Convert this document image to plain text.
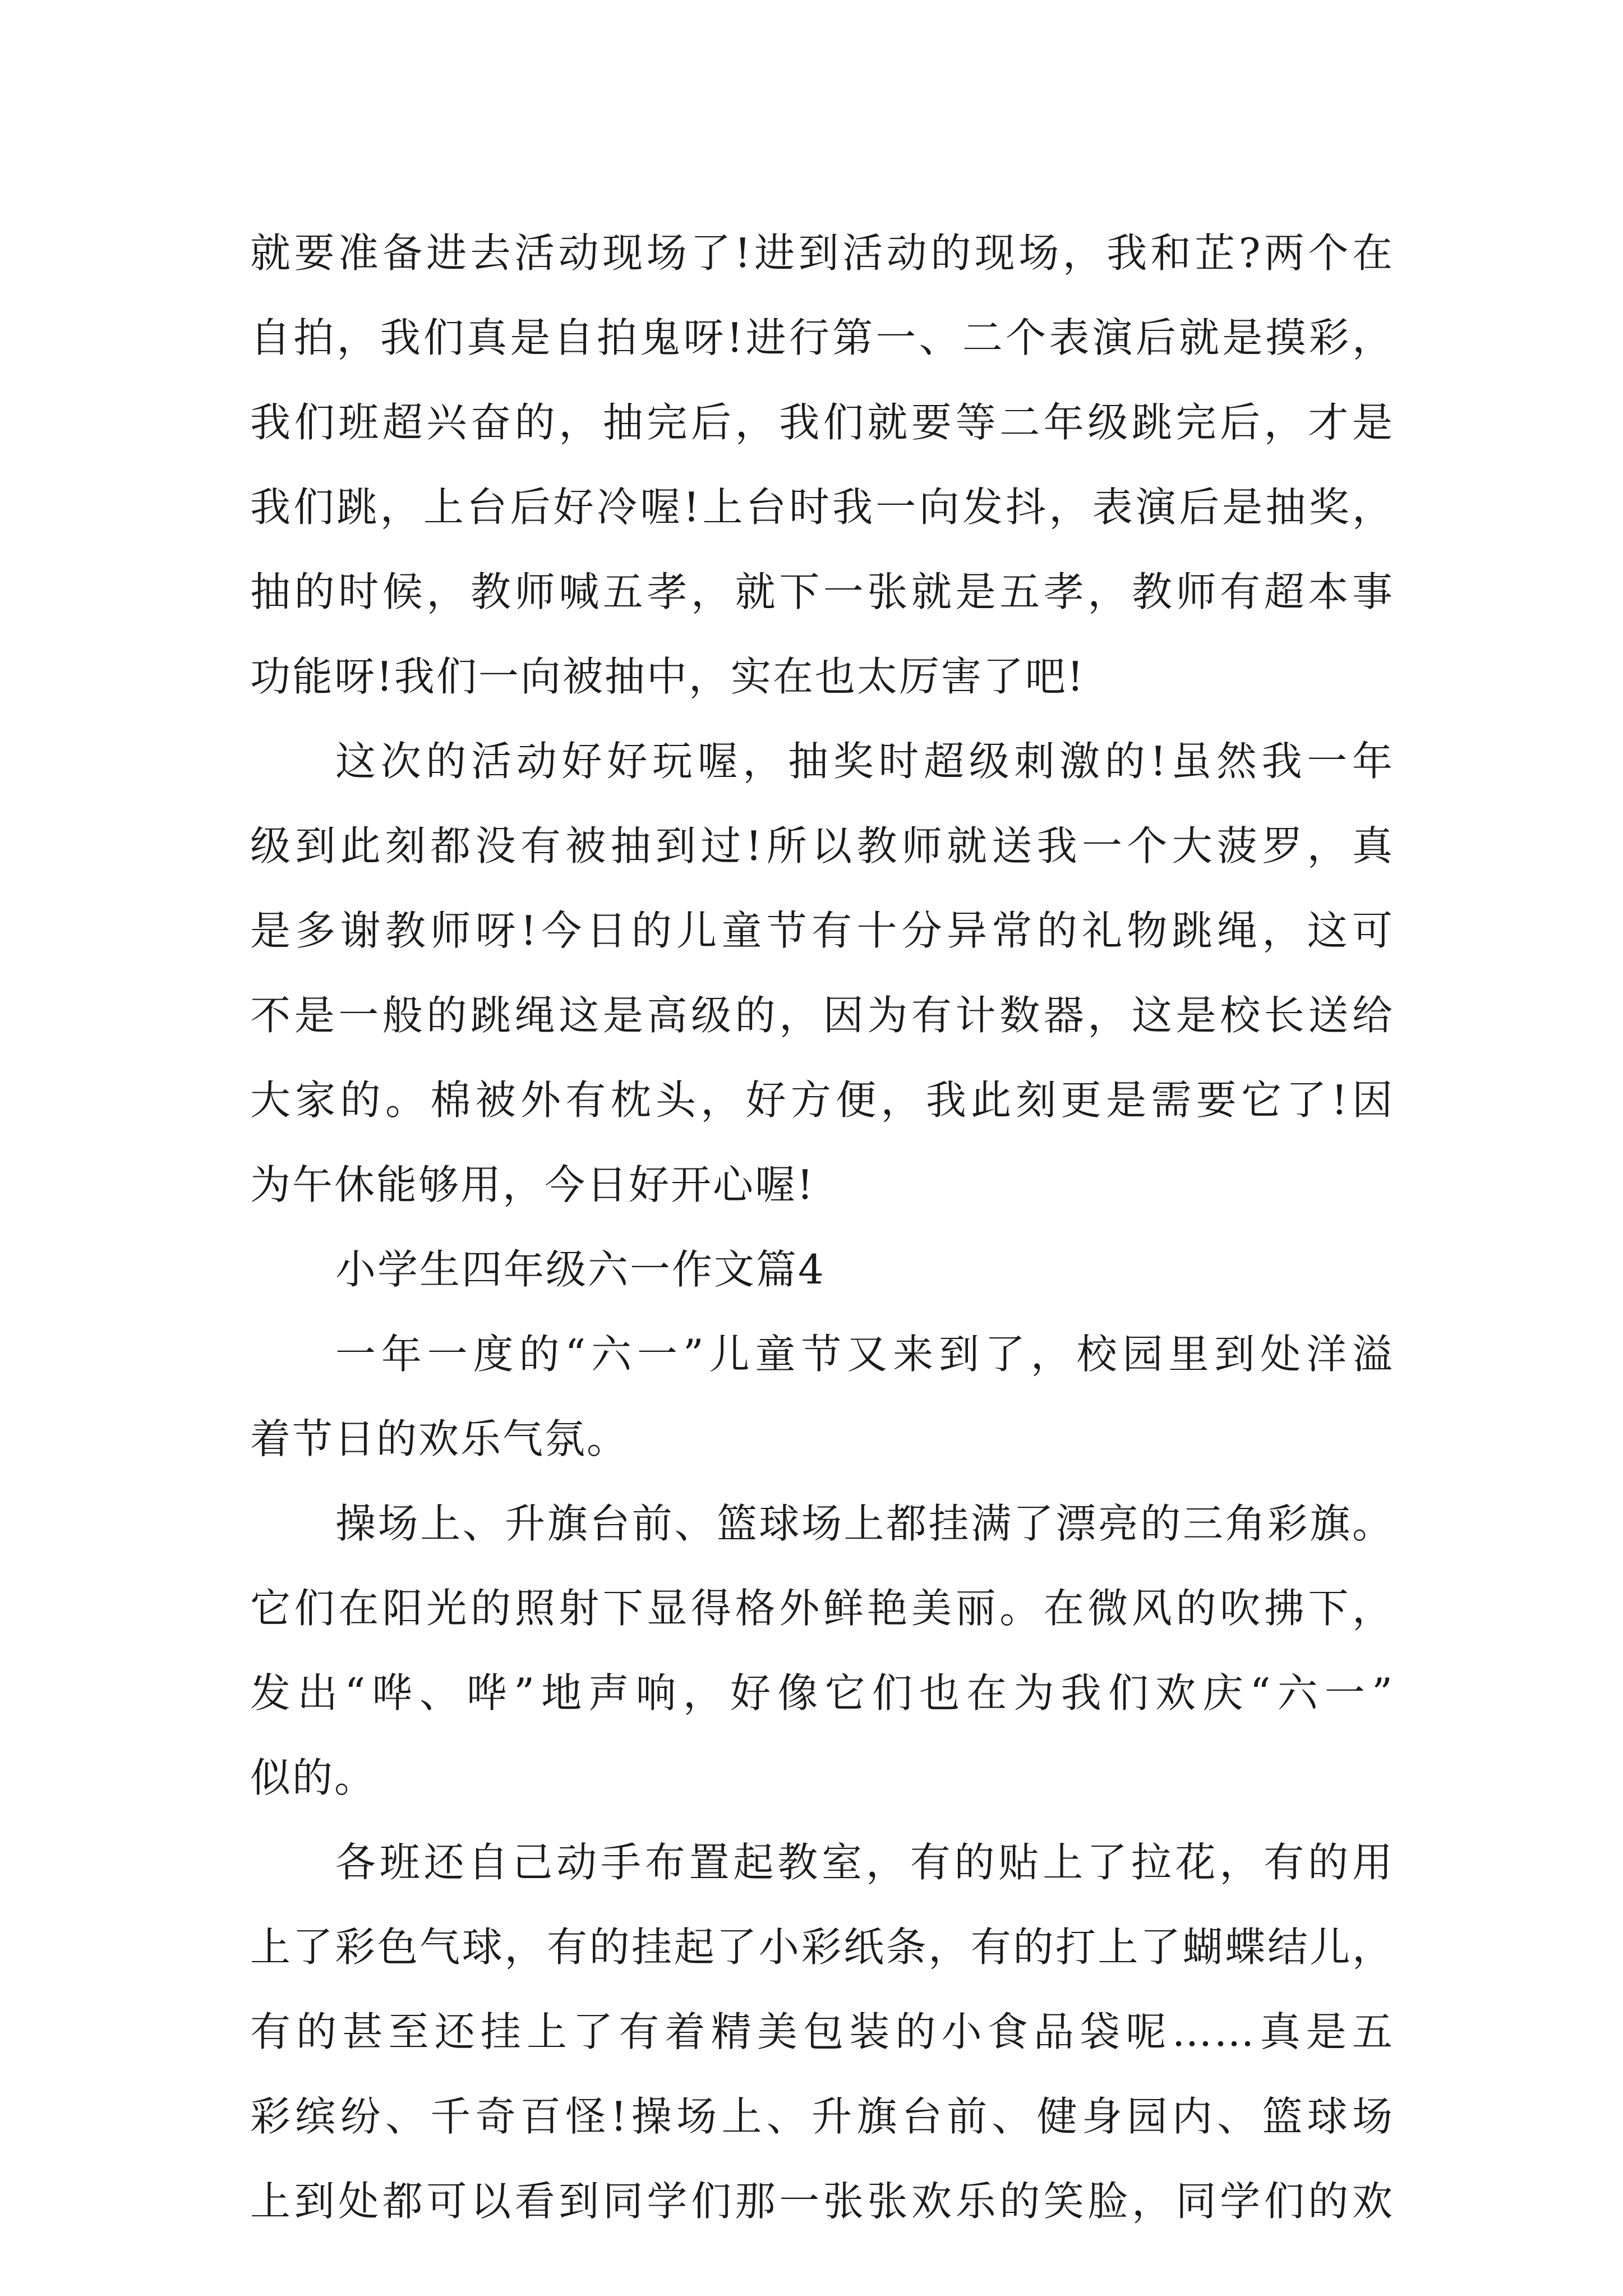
就要准备进去活动现场了!进到活动的现场，我和芷?两个在
自拍，我们真是自拍鬼呀!进行第一、二个表演后就是摸彩，
我们班超兴奋的，抽完后，我们就要等二年级跳完后，才是
我们跳，上台后好冷喔!上台时我一向发抖，表演后是抽奖，
抽的时候，教师喊五孝，就下一张就是五孝，教师有超本事
功能呀!我们一向被抽中，实在也太厉害了吧!
这次的活动好好玩喔，抽奖时超级刺激的!虽然我一年
级到此刻都没有被抽到过!所以教师就送我一个大菠罗，真
是多谢教师呀!今日的儿童节有十分异常的礼物跳绳，这可
不是一般的跳绳这是高级的，因为有计数器，这是校长送给
大家的。棉被外有枕头，好方便，我此刻更是需要它了!因
为午休能够用，今日好开心喔!
小学生四年级六一作文篇4
一年一度的“六一”儿童节又来到了，校园里到处洋溢
着节日的欢乐气氛。
操场上、升旗台前、篮球场上都挂满了漂亮的三角彩旗。
它们在阳光的照射下显得格外鲜艳美丽。在微风的吹拂下，
发出“哗、哗”地声响，好像它们也在为我们欢庆“六一”
似的。
各班还自己动手布置起教室，有的贴上了拉花，有的用
上了彩色气球，有的挂起了小彩纸条，有的打上了蝴蝶结儿，
有的甚至还挂上了有着精美包装的小食品袋呢……真是五
彩缤纷、千奇百怪!操场上、升旗台前、健身园内、篮球场
上到处都可以看到同学们那一张张欢乐的笑脸，同学们的欢
